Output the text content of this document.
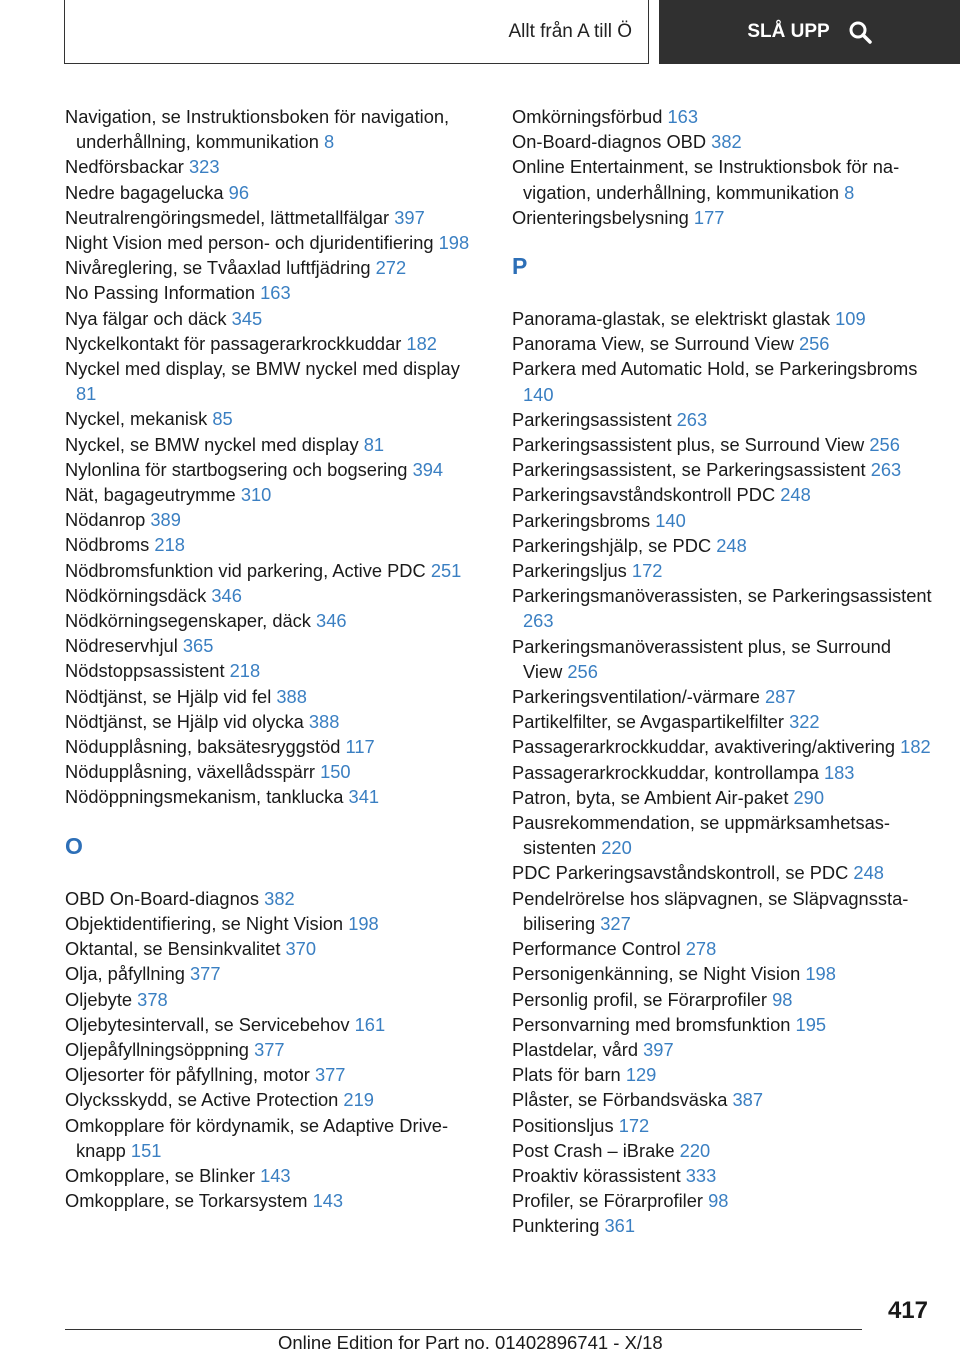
Allt från A till Ö	SLÅ UPP
Navigation, se Instruktionsboken för navigation, underhållning, kommunikation 8
Nedförsbackar 323
Nedre bagagelucka 96
Neutralrengöringsmedel, lättmetallfälgar 397
Night Vision med person- och djuridentifiering 198
Nivåreglering, se Tvåaxlad luftfjädring 272
No Passing Information 163
Nya fälgar och däck 345
Nyckelkontakt för passagerarkrockkuddar 182
Nyckel med display, se BMW nyckel med display 81
Nyckel, mekanisk 85
Nyckel, se BMW nyckel med display 81
Nylonlina för startbogsering och bogsering 394
Nät, bagageutrymme 310
Nödanrop 389
Nödbroms 218
Nödbromsfunktion vid parkering, Active PDC 251
Nödkörningsdäck 346
Nödkörningsegenskaper, däck 346
Nödreservhjul 365
Nödstoppsassistent 218
Nödtjänst, se Hjälp vid fel 388
Nödtjänst, se Hjälp vid olycka 388
Nödupplåsning, baksätesryggstöd 117
Nödupplåsning, växellådsspärr 150
Nödöppningsmekanism, tanklucka 341
O
OBD On-Board-diagnos 382
Objektidentifiering, se Night Vision 198
Oktantal, se Bensinkvalitet 370
Olja, påfyllning 377
Oljebyte 378
Oljebytesintervall, se Servicebehov 161
Oljepåfyllningsöppning 377
Oljesorter för påfyllning, motor 377
Olycksskydd, se Active Protection 219
Omkopplare för kördynamik, se Adaptive Drive-knapp 151
Omkopplare, se Blinker 143
Omkopplare, se Torkarsystem 143
Omkörningsförbud 163
On-Board-diagnos OBD 382
Online Entertainment, se Instruktionsbok för navigation, underhållning, kommunikation 8
Orienteringsbelysning 177
P
Panorama-glastak, se elektriskt glastak 109
Panorama View, se Surround View 256
Parkera med Automatic Hold, se Parkeringsbroms 140
Parkeringsassistent 263
Parkeringsassistent plus, se Surround View 256
Parkeringsassistent, se Parkeringsassistent 263
Parkeringsavståndskontroll PDC 248
Parkeringsbroms 140
Parkeringshjälp, se PDC 248
Parkeringsljus 172
Parkeringsmanöverassisten, se Parkeringsassistent 263
Parkeringsmanöverassistent plus, se Surround View 256
Parkeringsventilation/-värmare 287
Partikelfilter, se Avgaspartikelfilter 322
Passagerarkrockkuddar, avaktivering/aktivering 182
Passagerarkrockkuddar, kontrollampa 183
Patron, byta, se Ambient Air-paket 290
Pausrekommendation, se uppmärksamhetsassistenten 220
PDC Parkeringsavståndskontroll, se PDC 248
Pendelrörelse hos släpvagnen, se Släpvagnsstabilisering 327
Performance Control 278
Personigenkänning, se Night Vision 198
Personlig profil, se Förarprofiler 98
Personvarning med bromsfunktion 195
Plastdelar, vård 397
Plats för barn 129
Plåster, se Förbandsväska 387
Positionsljus 172
Post Crash – iBrake 220
Proaktiv körassistent 333
Profiler, se Förarprofiler 98
Punktering 361
417
Online Edition for Part no. 01402896741 - X/18
